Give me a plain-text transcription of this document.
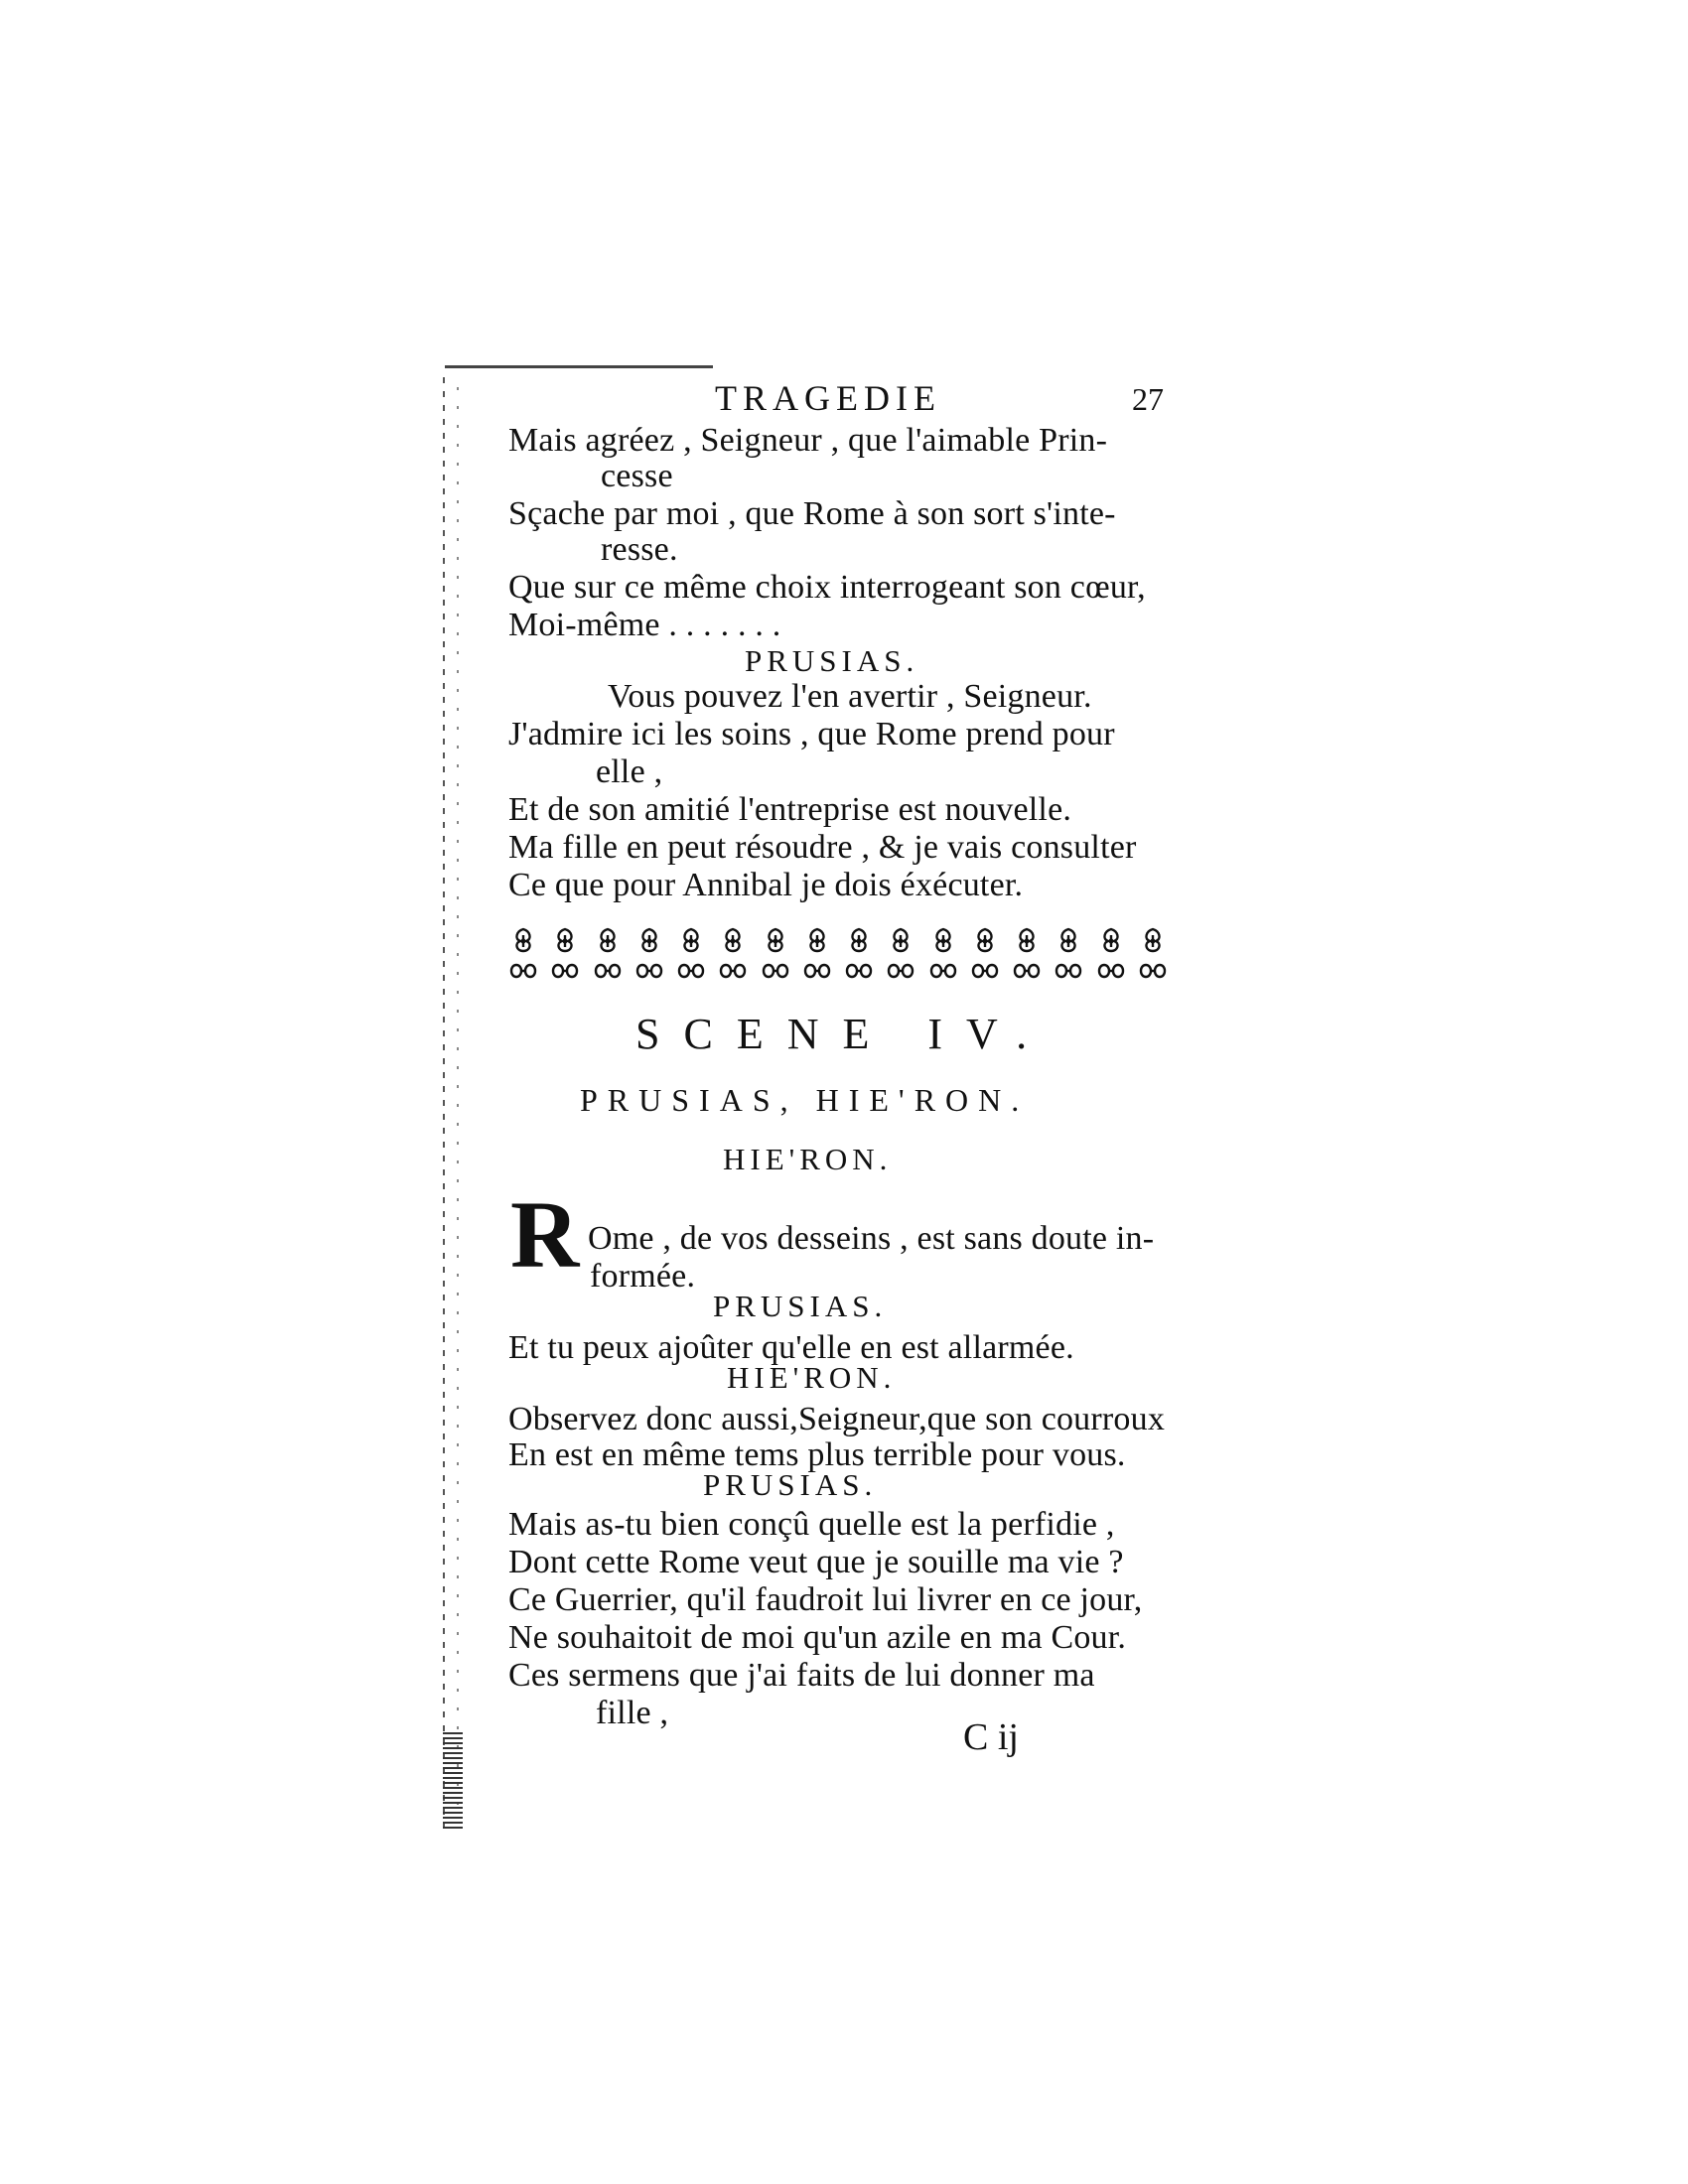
TRAGEDIE	27
Mais agréez , Seigneur , que l'aimable Prin-
cesse
Sçache par moi , que Rome à son sort s'inte-
resse.
Que sur ce même choix interrogeant son cœur,
Moi-même . . . . . . .
PRUSIAS.
Vous pouvez l'en avertir , Seigneur.
J'admire ici les soins , que Rome prend pour
elle ,
Et de son amitié l'entreprise est nouvelle.
Ma fille en peut résoudre , & je vais consulter
Ce que pour Annibal je dois éxécuter.
SCENE IV.
PRUSIAS, HIE'RON.
HIE'RON.
R Ome , de vos desseins , est sans doute in-
formée.
PRUSIAS.
Et tu peux ajoûter qu'elle en est allarmée.
HIE'RON.
Observez donc aussi,Seigneur,que son courroux
En est en même tems plus terrible pour vous.
PRUSIAS.
Mais as-tu bien conçû quelle est la perfidie ,
Dont cette Rome veut que je souille ma vie ?
Ce Guerrier, qu'il faudroit lui livrer en ce jour,
Ne souhaitoit de moi qu'un azile en ma Cour.
Ces sermens que j'ai faits de lui donner ma
fille ,
C ij
